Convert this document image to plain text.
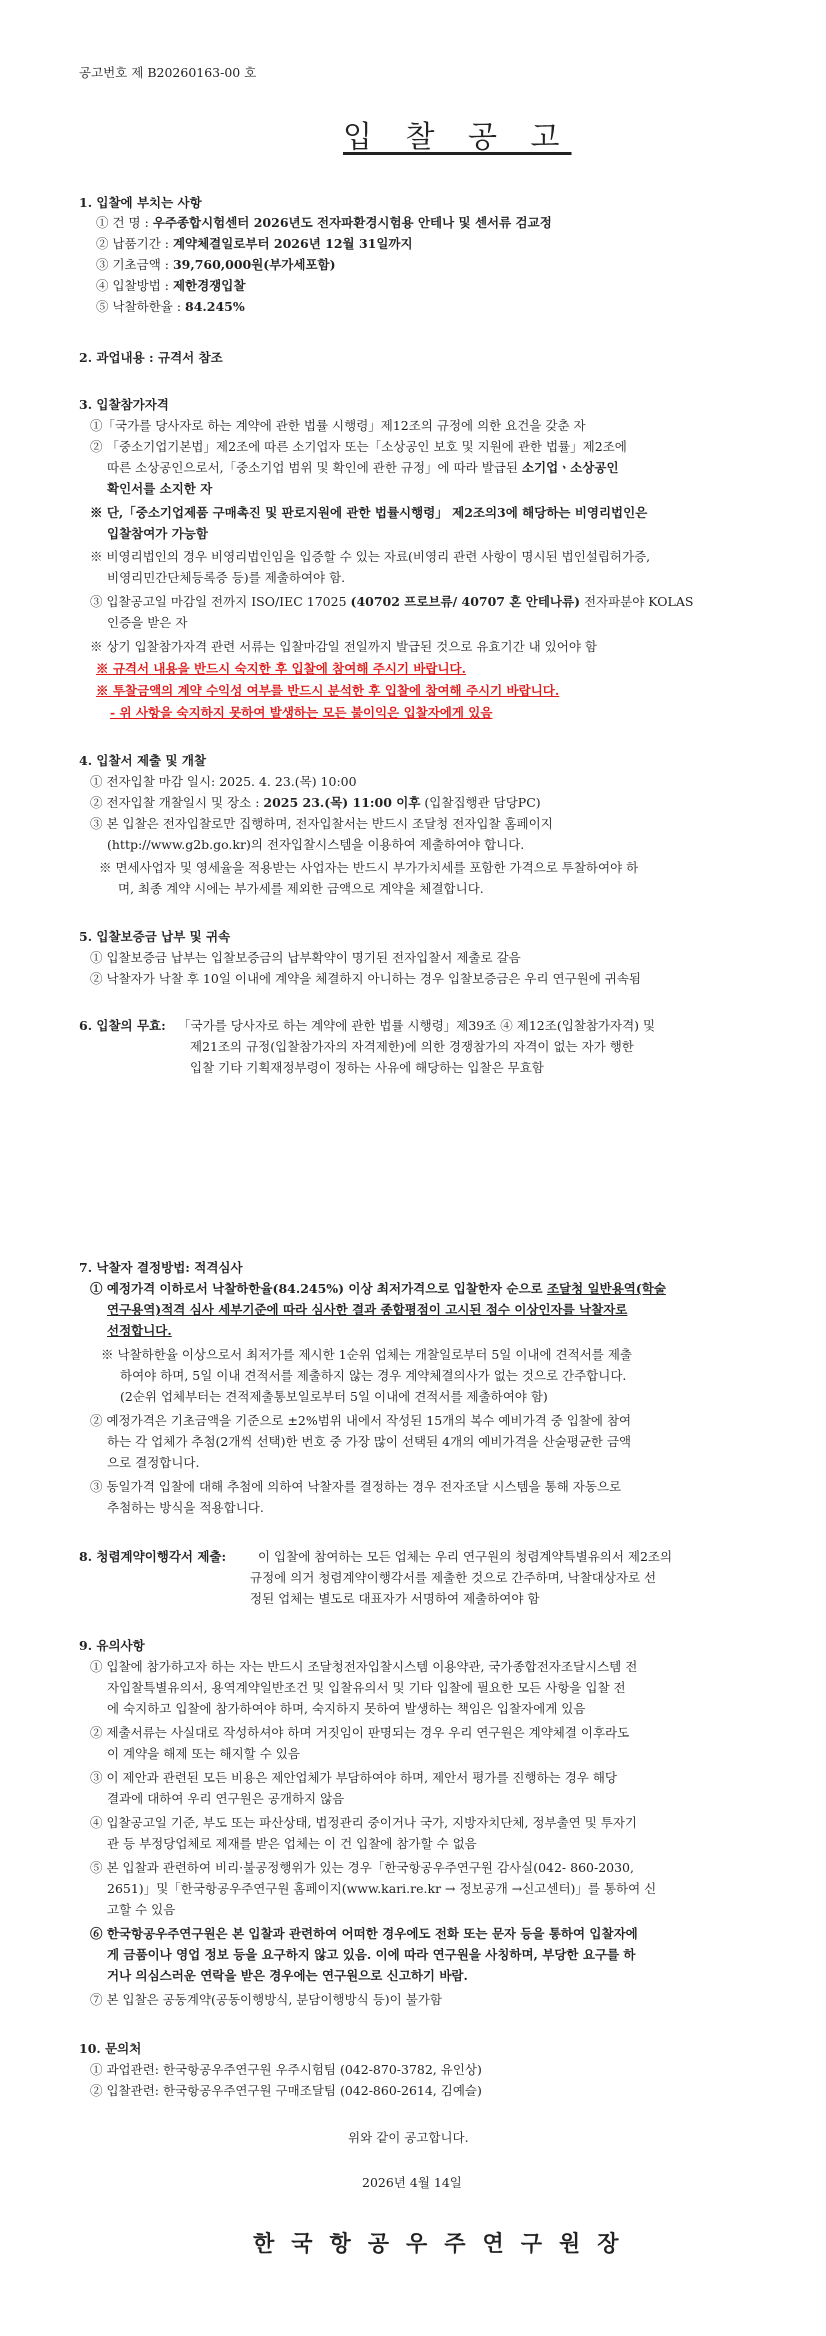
공고번호 제 B20260163-00 호
입 찰 공 고
1. 입찰에 부치는 사항
① 건 명 : 우주종합시험센터 2026년도 전자파환경시험용 안테나 및 센서류 검교정
② 납품기간 : 계약체결일로부터 2026년 12월 31일까지
③ 기초금액 : 39,760,000원(부가세포함)
④ 입찰방법 : 제한경쟁입찰
⑤ 낙찰하한율 : 84.245%
2. 과업내용 : 규격서 참조
3. 입찰참가자격
①「국가를 당사자로 하는 계약에 관한 법률 시행령」제12조의 규정에 의한 요건을 갖춘 자
② 「중소기업기본법」제2조에 따른 소기업자 또는「소상공인 보호 및 지원에 관한 법률」제2조에
따른 소상공인으로서,「중소기업 범위 및 확인에 관한 규정」에 따라 발급된 소기업ㆍ소상공인
확인서를 소지한 자
※ 단,「중소기업제품 구매촉진 및 판로지원에 관한 법률시행령」 제2조의3에 해당하는 비영리법인은
입찰참여가 가능함
※ 비영리법인의 경우 비영리법인임을 입증할 수 있는 자료(비영리 관련 사항이 명시된 법인설립허가증,
비영리민간단체등록증 등)를 제출하여야 함.
③ 입찰공고일 마감일 전까지 ISO/IEC 17025 (40702 프로브류/ 40707 혼 안테나류) 전자파분야 KOLAS
인증을 받은 자
※ 상기 입찰참가자격 관련 서류는 입찰마감일 전일까지 발급된 것으로 유효기간 내 있어야 함
※ 규격서 내용을 반드시 숙지한 후 입찰에 참여해 주시기 바랍니다.
※ 투찰금액의 계약 수익성 여부를 반드시 분석한 후 입찰에 참여해 주시기 바랍니다.
- 위 사항을 숙지하지 못하여 발생하는 모든 불이익은 입찰자에게 있음
4. 입찰서 제출 및 개찰
① 전자입찰 마감 일시: 2025. 4. 23.(목) 10:00
② 전자입찰 개찰일시 및 장소 : 2025 23.(목) 11:00 이후 (입찰집행관 담당PC)
③ 본 입찰은 전자입찰로만 집행하며, 전자입찰서는 반드시 조달청 전자입찰 홈페이지
(http://www.g2b.go.kr)의 전자입찰시스템을 이용하여 제출하여야 합니다.
※ 면세사업자 및 영세율을 적용받는 사업자는 반드시 부가가치세를 포함한 가격으로 투찰하여야 하
며, 최종 계약 시에는 부가세를 제외한 금액으로 계약을 체결합니다.
5. 입찰보증금 납부 및 귀속
① 입찰보증금 납부는 입찰보증금의 납부확약이 명기된 전자입찰서 제출로 갈음
② 낙찰자가 낙찰 후 10일 이내에 계약을 체결하지 아니하는 경우 입찰보증금은 우리 연구원에 귀속됨
6. 입찰의 무효: 「국가를 당사자로 하는 계약에 관한 법률 시행령」제39조 ④ 제12조(입찰참가자격) 및
제21조의 규정(입찰참가자의 자격제한)에 의한 경쟁참가의 자격이 없는 자가 행한
입찰 기타 기획재정부령이 정하는 사유에 해당하는 입찰은 무효함
7. 낙찰자 결정방법: 적격심사
① 예정가격 이하로서 낙찰하한율(84.245%) 이상 최저가격으로 입찰한자 순으로 조달청 일반용역(학술
연구용역)적격 심사 세부기준에 따라 심사한 결과 종합평점이 고시된 점수 이상인자를 낙찰자로
선정합니다.
※ 낙찰하한율 이상으로서 최저가를 제시한 1순위 업체는 개찰일로부터 5일 이내에 견적서를 제출
하여야 하며, 5일 이내 견적서를 제출하지 않는 경우 계약체결의사가 없는 것으로 간주합니다.
(2순위 업체부터는 견적제출통보일로부터 5일 이내에 견적서를 제출하여야 함)
② 예정가격은 기초금액을 기준으로 ±2%범위 내에서 작성된 15개의 복수 예비가격 중 입찰에 참여
하는 각 업체가 추첨(2개씩 선택)한 번호 중 가장 많이 선택된 4개의 예비가격을 산술평균한 금액
으로 결정합니다.
③ 동일가격 입찰에 대해 추첨에 의하여 낙찰자를 결정하는 경우 전자조달 시스템을 통해 자동으로
추첨하는 방식을 적용합니다.
8. 청렴계약이행각서 제출:	이 입찰에 참여하는 모든 업체는 우리 연구원의 청렴계약특별유의서 제2조의
규정에 의거 청렴계약이행각서를 제출한 것으로 간주하며, 낙찰대상자로 선
정된 업체는 별도로 대표자가 서명하여 제출하여야 함
9. 유의사항
① 입찰에 참가하고자 하는 자는 반드시 조달청전자입찰시스템 이용약관, 국가종합전자조달시스템 전
자입찰특별유의서, 용역계약일반조건 및 입찰유의서 및 기타 입찰에 필요한 모든 사항을 입찰 전
에 숙지하고 입찰에 참가하여야 하며, 숙지하지 못하여 발생하는 책임은 입찰자에게 있음
② 제출서류는 사실대로 작성하셔야 하며 거짓임이 판명되는 경우 우리 연구원은 계약체결 이후라도
이 계약을 해제 또는 해지할 수 있음
③ 이 제안과 관련된 모든 비용은 제안업체가 부담하여야 하며, 제안서 평가를 진행하는 경우 해당
결과에 대하여 우리 연구원은 공개하지 않음
④ 입찰공고일 기준, 부도 또는 파산상태, 법정관리 중이거나 국가, 지방자치단체, 정부출연 및 투자기
관 등 부정당업체로 제재를 받은 업체는 이 건 입찰에 참가할 수 없음
⑤ 본 입찰과 관련하여 비리·불공정행위가 있는 경우「한국항공우주연구원 감사실(042- 860-2030,
2651)」및「한국항공우주연구원 홈페이지(www.kari.re.kr → 정보공개 →신고센터)」를 통하여 신
고할 수 있음
⑥ 한국항공우주연구원은 본 입찰과 관련하여 어떠한 경우에도 전화 또는 문자 등을 통하여 입찰자에
게 금품이나 영업 정보 등을 요구하지 않고 있음. 이에 따라 연구원을 사칭하며, 부당한 요구를 하
거나 의심스러운 연락을 받은 경우에는 연구원으로 신고하기 바람.
⑦ 본 입찰은 공동계약(공동이행방식, 분담이행방식 등)이 불가함
10. 문의처
① 과업관련: 한국항공우주연구원 우주시험팀 (042-870-3782, 유인상)
② 입찰관련: 한국항공우주연구원 구매조달팀 (042-860-2614, 김예슬)
위와 같이 공고합니다.
2026년 4월 14일
한국항공우주연구원장
